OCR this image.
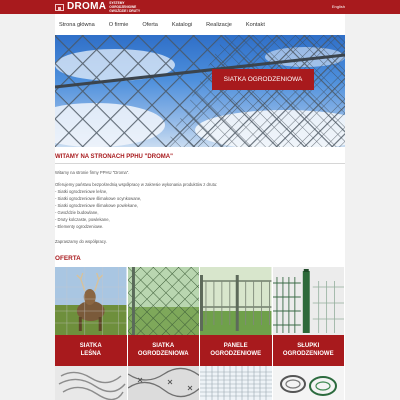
DROMA SYSTEMY OGRODZENIOWE
GWOŹDZIE I DRUTY
English
Strona główna	O firmie	Oferta	Katalogi	Realizacje	Kontakt
SIATKA OGRODZENIOWA
WITAMY NA STRONACH PPHU "DROMA"
Witamy na stronie firmy PPHU "Droma".
Oferujemy państwu bezpośrednią współpracę w zakresie wykonania produktów z drutu:
- Siatki ogrodzeniowe leśne,
- Siatki ogrodzeniowe ślimakowe ocynkowane,
- Siatki ogrodzeniowe ślimakowe powlekane,
- Gwoździe budowlane,
- Druty kolczaste, powlekane,
- Elementy ogrodzeniowe.
Zapraszamy do współpracy.
OFERTA
SIATKA
LEŚNA
SIATKA
OGRODZENIOWA
PANELE
OGRODZENIOWE
SŁUPKI
OGRODZENIOWE
